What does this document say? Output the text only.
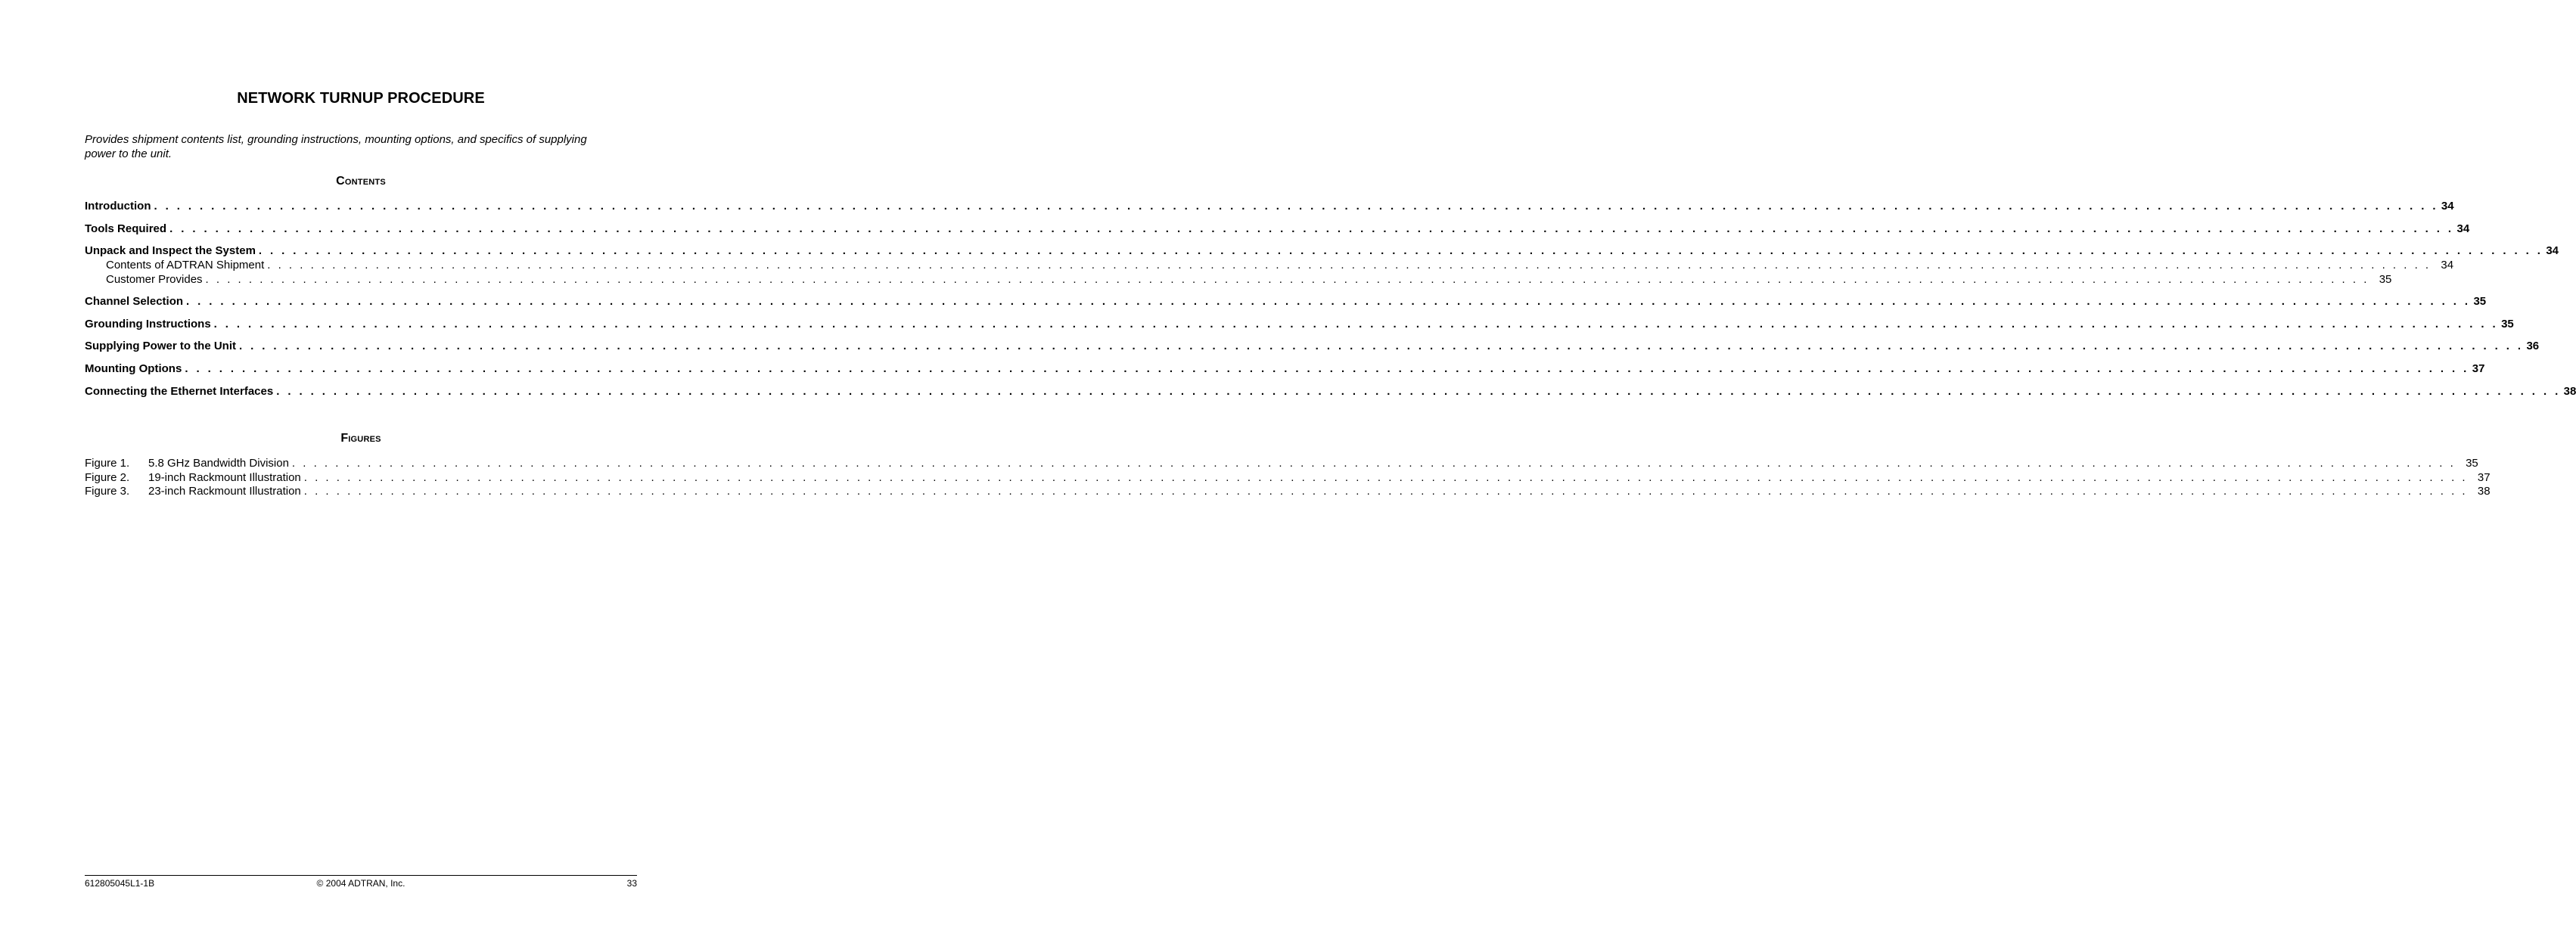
NETWORK TURNUP PROCEDURE
Provides shipment contents list, grounding instructions, mounting options, and specifics of supplying power to the unit.
Contents
Introduction . . . . . . . . . . . . . . . . . . . . . . . . . . . . . . . . . . . . . . . . . . . . . . . . . . . . . . . . . . . . . . . . . . . . . . . . . . . . . . . . . . . . . . . . . . . . . . . . . . . . . . . . . . . . . . . . . . . . . . . . . . . . . . . . . . . . . . . . . . . . . . . . . . . . . . . . . . . . . . . . . . . . . . . . . . . . . . . . . . . . . . . . . . . . . . . . . . . . . . . . 34
Tools Required . . . . . . . . . . . . . . . . . . . . . . . . . . . . . . . . . . . . . . . . . . . . . . . . . . . . . . . . . . . . . . . . . . . . . . . . . . . . . . . . . . . . . . . . . . . . . . . . . . . . . . . . . . . . . . . . . . . . . . . . . . . . . . . . . . . . . . . . . . . . . . . . . . . . . . . . . . . . . . . . . . . . . . . . . . . . . . . . . . . . . . . . . . . . . . . . . . . . . . . . 34
Unpack and Inspect the System . . . . . . . . . . . . . . . . . . . . . . . . . . . . . . . . . . . . . . . . . . . . . . . . . . . . . . . . . . . . . . . . . . . . . . . . . . . . . . . . . . . . . . . . . . . . . . . . . . . . . . . . . . . . . . . . . . . . . . . . . . . . . . . . . . . . . . . . . . . . . . . . . . . . . . . . . . . . . . . . . . . . . . . . . . . . . . . . . . . . . . . . . . . . . . . . . . . . . . . . 34
Contents of ADTRAN Shipment . . . . . . . . . . . . . . . . . . . . . . . . . . . . . . . . . . . . . . . . . . . . . . . . . . . . . . . . . . . . . . . . . . . . . . . . . . . . . . . . . . . . . . . . . . . . . . . . . . . . . . . . . . . . . . . . . . . . . . . . . . . . . . . . . . . . . . . . . . . . . . . . . . . . . . . . . . . . . . . . . . . . . . . . . . . . . . . . . . . . . . . . . . . . . . . . . . . . . . . . 34
Customer Provides . . . . . . . . . . . . . . . . . . . . . . . . . . . . . . . . . . . . . . . . . . . . . . . . . . . . . . . . . . . . . . . . . . . . . . . . . . . . . . . . . . . . . . . . . . . . . . . . . . . . . . . . . . . . . . . . . . . . . . . . . . . . . . . . . . . . . . . . . . . . . . . . . . . . . . . . . . . . . . . . . . . . . . . . . . . . . . . . . . . . . . . . . . . . . . . . . . . . . . . . 35
Channel Selection . . . . . . . . . . . . . . . . . . . . . . . . . . . . . . . . . . . . . . . . . . . . . . . . . . . . . . . . . . . . . . . . . . . . . . . . . . . . . . . . . . . . . . . . . . . . . . . . . . . . . . . . . . . . . . . . . . . . . . . . . . . . . . . . . . . . . . . . . . . . . . . . . . . . . . . . . . . . . . . . . . . . . . . . . . . . . . . . . . . . . . . . . . . . . . . . . . . . . . . . 35
Grounding Instructions . . . . . . . . . . . . . . . . . . . . . . . . . . . . . . . . . . . . . . . . . . . . . . . . . . . . . . . . . . . . . . . . . . . . . . . . . . . . . . . . . . . . . . . . . . . . . . . . . . . . . . . . . . . . . . . . . . . . . . . . . . . . . . . . . . . . . . . . . . . . . . . . . . . . . . . . . . . . . . . . . . . . . . . . . . . . . . . . . . . . . . . . . . . . . . . . . . . . . . . . 35
Supplying Power to the Unit . . . . . . . . . . . . . . . . . . . . . . . . . . . . . . . . . . . . . . . . . . . . . . . . . . . . . . . . . . . . . . . . . . . . . . . . . . . . . . . . . . . . . . . . . . . . . . . . . . . . . . . . . . . . . . . . . . . . . . . . . . . . . . . . . . . . . . . . . . . . . . . . . . . . . . . . . . . . . . . . . . . . . . . . . . . . . . . . . . . . . . . . . . . . . . . . . . . . . . . . 36
Mounting Options . . . . . . . . . . . . . . . . . . . . . . . . . . . . . . . . . . . . . . . . . . . . . . . . . . . . . . . . . . . . . . . . . . . . . . . . . . . . . . . . . . . . . . . . . . . . . . . . . . . . . . . . . . . . . . . . . . . . . . . . . . . . . . . . . . . . . . . . . . . . . . . . . . . . . . . . . . . . . . . . . . . . . . . . . . . . . . . . . . . . . . . . . . . . . . . . . . . . . . . . 37
Connecting the Ethernet Interfaces . . . . . . . . . . . . . . . . . . . . . . . . . . . . . . . . . . . . . . . . . . . . . . . . . . . . . . . . . . . . . . . . . . . . . . . . . . . . . . . . . . . . . . . . . . . . . . . . . . . . . . . . . . . . . . . . . . . . . . . . . . . . . . . . . . . . . . . . . . . . . . . . . . . . . . . . . . . . . . . . . . . . . . . . . . . . . . . . . . . . . . . . . . . . . . . . . . . . . . . . 38
Figures
Figure 1.	5.8 GHz Bandwidth Division . . . . . . . . . . . . . . . . . . . . . . . . . . . . . . . . . . . . . . . . . . . . . . . . . . . . . . . . . . . . . . . . . . . . . . . . . . . . . . . . . . . . . . . . . . . . . . . . . . . . . . . . . . . . . . . . . . . . . . . . . . . . . . . . . . . . . . . . . . . . . . . . . . . . . . . . . . . . . . . . . . . . . . . . . . . . . . . . . . . . . . . . . . . . . . . . . . . . . . . . 35
Figure 2.	19-inch Rackmount Illustration . . . . . . . . . . . . . . . . . . . . . . . . . . . . . . . . . . . . . . . . . . . . . . . . . . . . . . . . . . . . . . . . . . . . . . . . . . . . . . . . . . . . . . . . . . . . . . . . . . . . . . . . . . . . . . . . . . . . . . . . . . . . . . . . . . . . . . . . . . . . . . . . . . . . . . . . . . . . . . . . . . . . . . . . . . . . . . . . . . . . . . . . . . . . . . . . . . . . . . . . 37
Figure 3.	23-inch Rackmount Illustration . . . . . . . . . . . . . . . . . . . . . . . . . . . . . . . . . . . . . . . . . . . . . . . . . . . . . . . . . . . . . . . . . . . . . . . . . . . . . . . . . . . . . . . . . . . . . . . . . . . . . . . . . . . . . . . . . . . . . . . . . . . . . . . . . . . . . . . . . . . . . . . . . . . . . . . . . . . . . . . . . . . . . . . . . . . . . . . . . . . . . . . . . . . . . . . . . . . . . . . . 38
612805045L1-1B	© 2004 ADTRAN, Inc.	33
